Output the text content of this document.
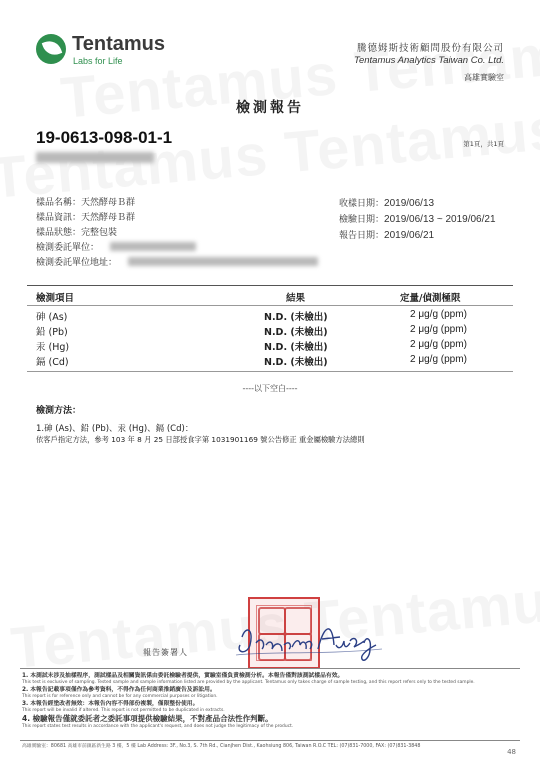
Tentamus
Labs for Life
騰德姆斯技術顧問股份有限公司
Tentamus Analytics Taiwan Co. Ltd.
高雄實驗室
檢測報告
19-0613-098-01-1	第1頁，共1頁
樣品名稱：天然酵母Ｂ群
樣品資訊：天然酵母Ｂ群
樣品狀態：完整包裝
檢測委託單位：
檢測委託單位地址：
收樣日期：2019/06/13
檢驗日期：2019/06/13 ~ 2019/06/21
報告日期：2019/06/21
檢測項目	結果	定量/偵測極限
砷 (As)	N.D. (未檢出)	2 μg/g (ppm)
鉛 (Pb)	N.D. (未檢出)	2 μg/g (ppm)
汞 (Hg)	N.D. (未檢出)	2 μg/g (ppm)
鎘 (Cd)	N.D. (未檢出)	2 μg/g (ppm)
----以下空白----
檢測方法：
1.砷 (As)、鉛 (Pb)、汞 (Hg)、鎘 (Cd)：
依客戶指定方法，參考 103 年 8 月 25 日部授食字第 1031901169 號公告修正 重金屬檢驗方法總則
報告簽署人
1. 本測試未涉及抽樣程序，測試樣品及相關資訊係由委託檢驗者提供，實驗室僅負責檢測分析。本報告僅對該測試樣品有效。
This test is exclusive of sampling. Tested sample and sample information listed are provided by the applicant. Tentamus only takes charge of sample testing, and this report refers only to the tested sample.
2. 本報告記載事項僅作為參考資料，不得作為任何商業推銷廣告及訴訟用。
This report is for reference only and cannot be for any commercial purposes or litigation.
3. 本報告經塗改者無效：本報告內容不得部份複製，僅限整份使用。
This report will be invalid if altered. This report is not permitted to be duplicated in extracts.
4. 檢驗報告僅就委託者之委託事項提供檢驗結果，不對產品合法性作判斷。
This report states test results in accordance with the applicant's request, and does not judge the legitimacy of the product.
高雄實驗室：80681 高雄市前鎮區新生路 3 樓，5 樓 Lab Address: 3F., No.3, S. 7th Rd., Cianjhen Dist., Kaohsiung 806, Taiwan R.O.C TEL: (07)831-7000, FAX: (07)831-3848
48
